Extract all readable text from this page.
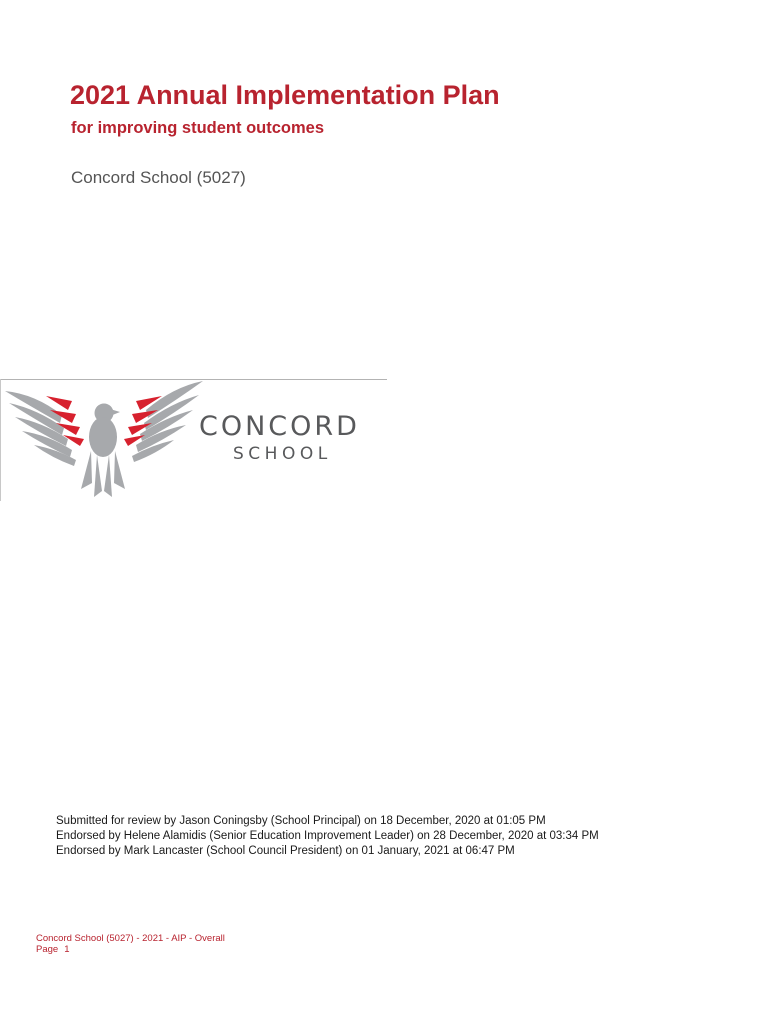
2021 Annual Implementation Plan
for improving student outcomes

Concord School (5027)

CONCORD
SCHOOL
Submitted for review by Jason Coningsby (School Principal) on 18 December, 2020 at 01:05 PM
Endorsed by Helene Alamidis (Senior Education Improvement Leader) on 28 December, 2020 at 03:34 PM
Endorsed by Mark Lancaster (School Council President) on 01 January, 2021 at 06:47 PM
Concord School (5027) - 2021 - AIP - Overall
Page 1
